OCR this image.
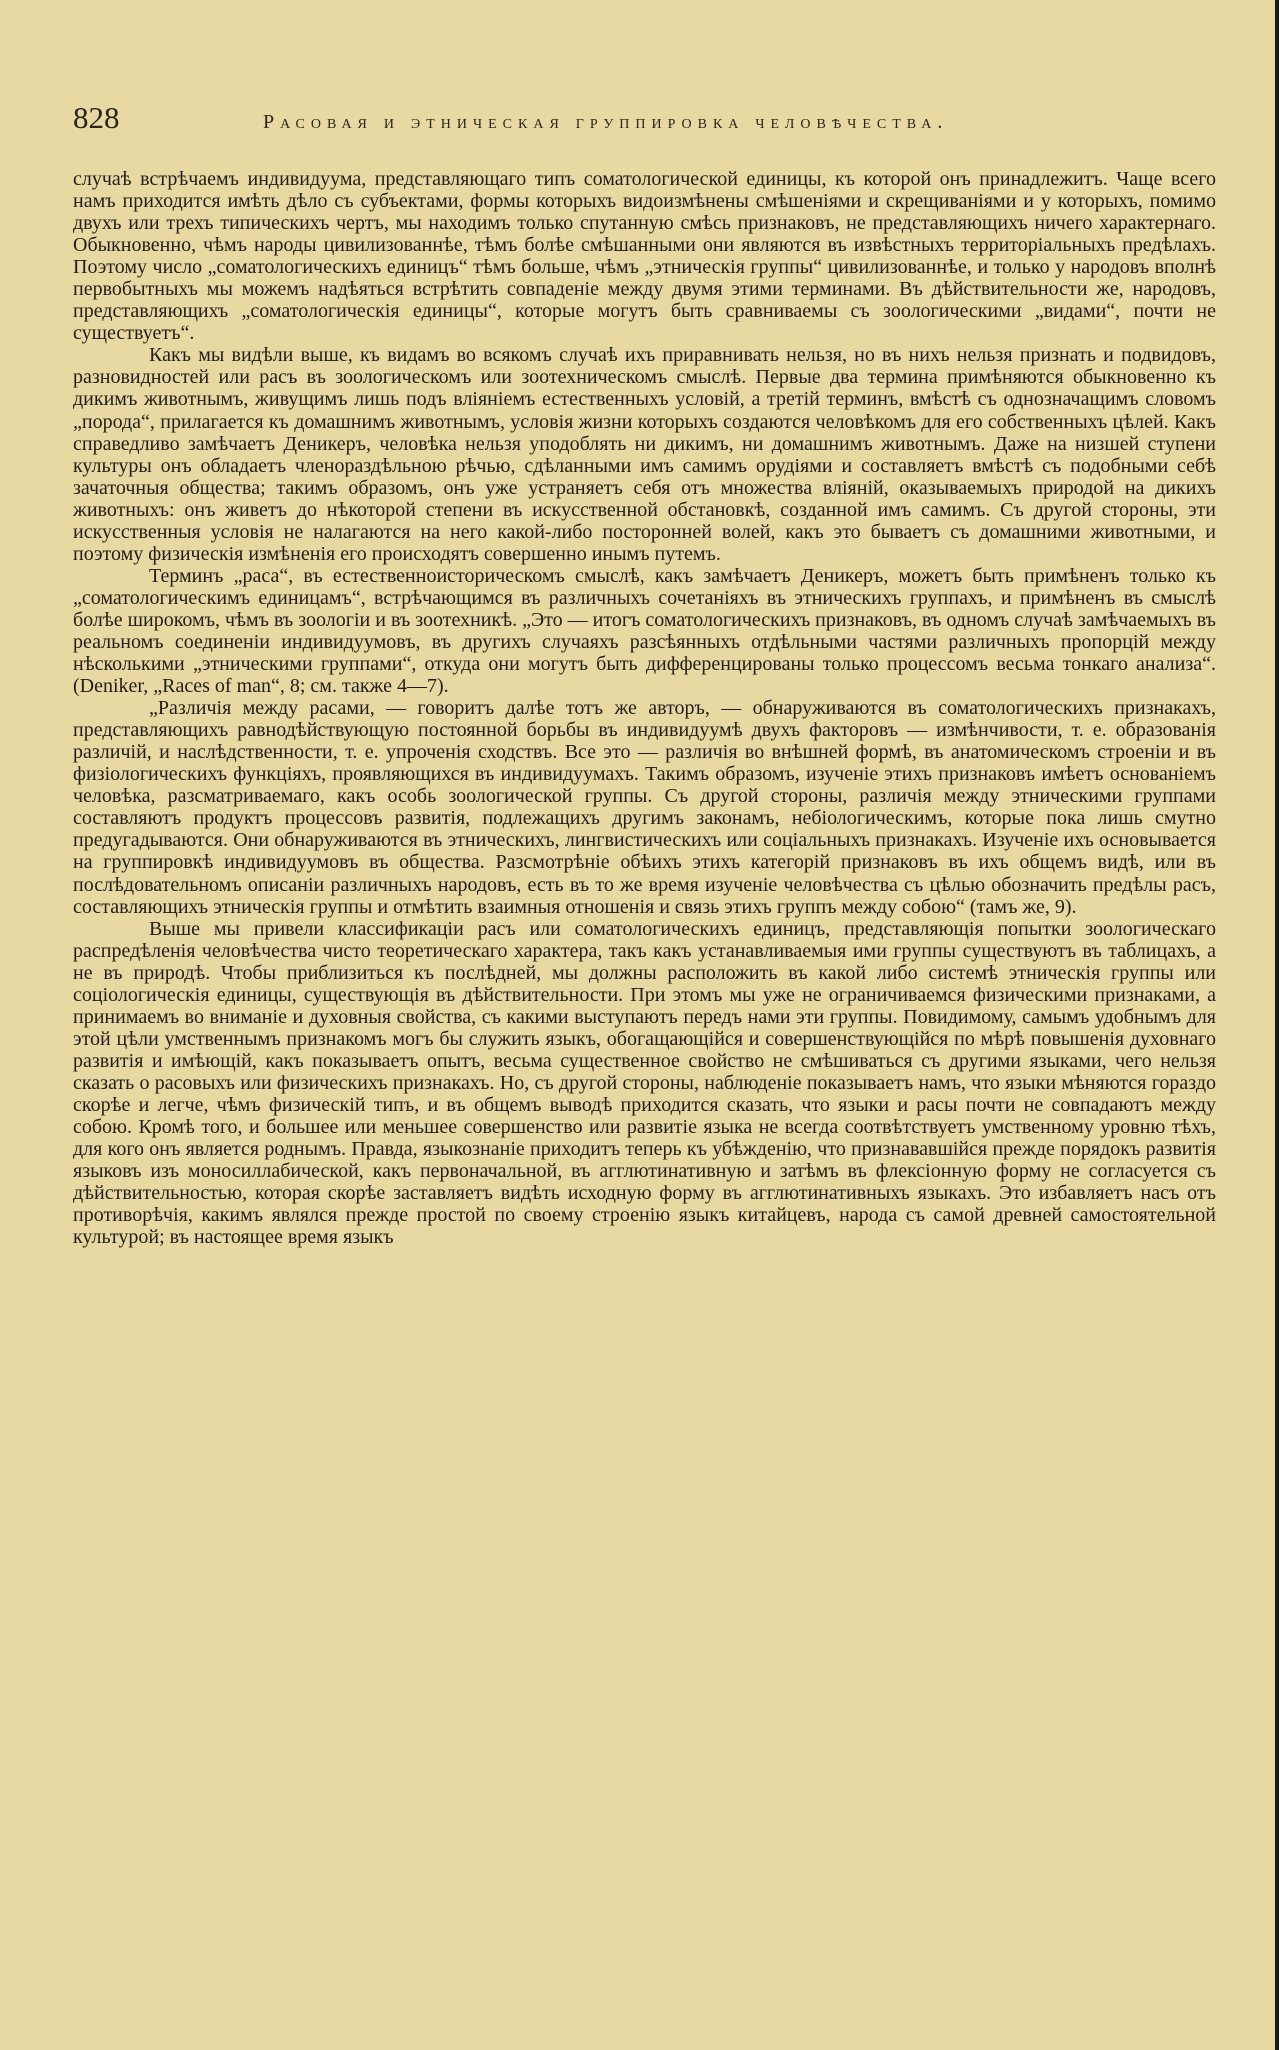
828	Расовая и этническая группировка человѣчества.

случаѣ встрѣчаемъ индивидуума, представляющаго типъ соматологической единицы, къ которой онъ принадлежитъ. Чаще всего намъ приходится имѣть дѣло съ субъектами, формы которыхъ видоизмѣнены смѣшеніями и скрещиваніями и у которыхъ, помимо двухъ или трехъ типическихъ чертъ, мы находимъ только спутанную смѣсь признаковъ, не представляющихъ ничего характернаго. Обыкновенно, чѣмъ народы цивилизованнѣе, тѣмъ болѣе смѣшанными они являются въ извѣстныхъ территоріальныхъ предѣлахъ. Поэтому число „соматологическихъ единицъ“ тѣмъ больше, чѣмъ „этническія группы“ цивилизованнѣе, и только у народовъ вполнѣ первобытныхъ мы можемъ надѣяться встрѣтить совпаденіе между двумя этими терминами. Въ дѣйствительности же, народовъ, представляющихъ „соматологическія единицы“, которые могутъ быть сравниваемы съ зоологическими „видами“, почти не существуетъ“.

Какъ мы видѣли выше, къ видамъ во всякомъ случаѣ ихъ приравнивать нельзя, но въ нихъ нельзя признать и подвидовъ, разновидностей или расъ въ зоологическомъ или зоотехническомъ смыслѣ. Первые два термина примѣняются обыкновенно къ дикимъ животнымъ, живущимъ лишь подъ вліяніемъ естественныхъ условій, а третій терминъ, вмѣстѣ съ однозначащимъ словомъ „порода“, прилагается къ домашнимъ животнымъ, условія жизни которыхъ создаются человѣкомъ для его собственныхъ цѣлей. Какъ справедливо замѣчаетъ Деникеръ, человѣка нельзя уподоблять ни дикимъ, ни домашнимъ животнымъ. Даже на низшей ступени культуры онъ обладаетъ членораздѣльною рѣчью, сдѣланными имъ самимъ орудіями и составляетъ вмѣстѣ съ подобными себѣ зачаточныя общества; такимъ образомъ, онъ уже устраняетъ себя отъ множества вліяній, оказываемыхъ природой на дикихъ животныхъ: онъ живетъ до нѣкоторой степени въ искусственной обстановкѣ, созданной имъ самимъ. Съ другой стороны, эти искусственныя условія не налагаются на него какой-либо посторонней волей, какъ это бываетъ съ домашними животными, и поэтому физическія измѣненія его происходятъ совершенно инымъ путемъ.

Терминъ „раса“, въ естественноисторическомъ смыслѣ, какъ замѣчаетъ Деникеръ, можетъ быть примѣненъ только къ „соматологическимъ единицамъ“, встрѣчающимся въ различныхъ сочетаніяхъ въ этническихъ группахъ, и примѣненъ въ смыслѣ болѣе широкомъ, чѣмъ въ зоологіи и въ зоотехникѣ. „Это — итогъ соматологическихъ признаковъ, въ одномъ случаѣ замѣчаемыхъ въ реальномъ соединеніи индивидуумовъ, въ другихъ случаяхъ разсѣянныхъ отдѣльными частями различныхъ пропорцій между нѣсколькими „этническими группами“, откуда они могутъ быть дифференцированы только процессомъ весьма тонкаго анализа“. (Deniker, „Races of man“, 8; см. также 4—7).

„Различія между расами, — говоритъ далѣе тотъ же авторъ, — обнаруживаются въ соматологическихъ признакахъ, представляющихъ равнодѣйствующую постоянной борьбы въ индивидуумѣ двухъ факторовъ — измѣнчивости, т. е. образованія различій, и наслѣдственности, т. е. упроченія сходствъ. Все это — различія во внѣшней формѣ, въ анатомическомъ строеніи и въ физіологическихъ функціяхъ, проявляющихся въ индивидуумахъ. Такимъ образомъ, изученіе этихъ признаковъ имѣетъ основаніемъ человѣка, разсматриваемаго, какъ особь зоологической группы. Съ другой стороны, различія между этническими группами составляютъ продуктъ процессовъ развитія, подлежащихъ другимъ законамъ, небіологическимъ, которые пока лишь смутно предугадываются. Они обнаруживаются въ этническихъ, лингвистическихъ или соціальныхъ признакахъ. Изученіе ихъ основывается на группировкѣ индивидуумовъ въ общества. Разсмотрѣніе обѣихъ этихъ категорій признаковъ въ ихъ общемъ видѣ, или въ послѣдовательномъ описаніи различныхъ народовъ, есть въ то же время изученіе человѣчества съ цѣлью обозначить предѣлы расъ, составляющихъ этническія группы и отмѣтить взаимныя отношенія и связь этихъ группъ между собою“ (тамъ же, 9).

Выше мы привели классификаціи расъ или соматологическихъ единицъ, представляющія попытки зоологическаго распредѣленія человѣчества чисто теоретическаго характера, такъ какъ устанавливаемыя ими группы существуютъ въ таблицахъ, а не въ природѣ. Чтобы приблизиться къ послѣдней, мы должны расположить въ какой либо системѣ этническія группы или соціологическія единицы, существующія въ дѣйствительности. При этомъ мы уже не ограничиваемся физическими признаками, а принимаемъ во вниманіе и духовныя свойства, съ какими выступаютъ передъ нами эти группы. Повидимому, самымъ удобнымъ для этой цѣли умственнымъ признакомъ могъ бы служить языкъ, обогащающійся и совершенствующійся по мѣрѣ повышенія духовнаго развитія и имѣющій, какъ показываетъ опытъ, весьма существенное свойство не смѣшиваться съ другими языками, чего нельзя сказать о расовыхъ или физическихъ признакахъ. Но, съ другой стороны, наблюденіе показываетъ намъ, что языки мѣняются гораздо скорѣе и легче, чѣмъ физическій типъ, и въ общемъ выводѣ приходится сказать, что языки и расы почти не совпадаютъ между собою. Кромѣ того, и большее или меньшее совершенство или развитіе языка не всегда соотвѣтствуетъ умственному уровню тѣхъ, для кого онъ является роднымъ. Правда, языкознаніе приходитъ теперь къ убѣжденію, что признававшійся прежде порядокъ развитія языковъ изъ моносиллабической, какъ первоначальной, въ агглютинативную и затѣмъ въ флексіонную форму не согласуется съ дѣйствительностью, которая скорѣе заставляетъ видѣть исходную форму въ агглютинативныхъ языкахъ. Это избавляетъ насъ отъ противорѣчія, какимъ являлся прежде простой по своему строенію языкъ китайцевъ, народа съ самой древней самостоятельной культурой; въ настоящее время языкъ
